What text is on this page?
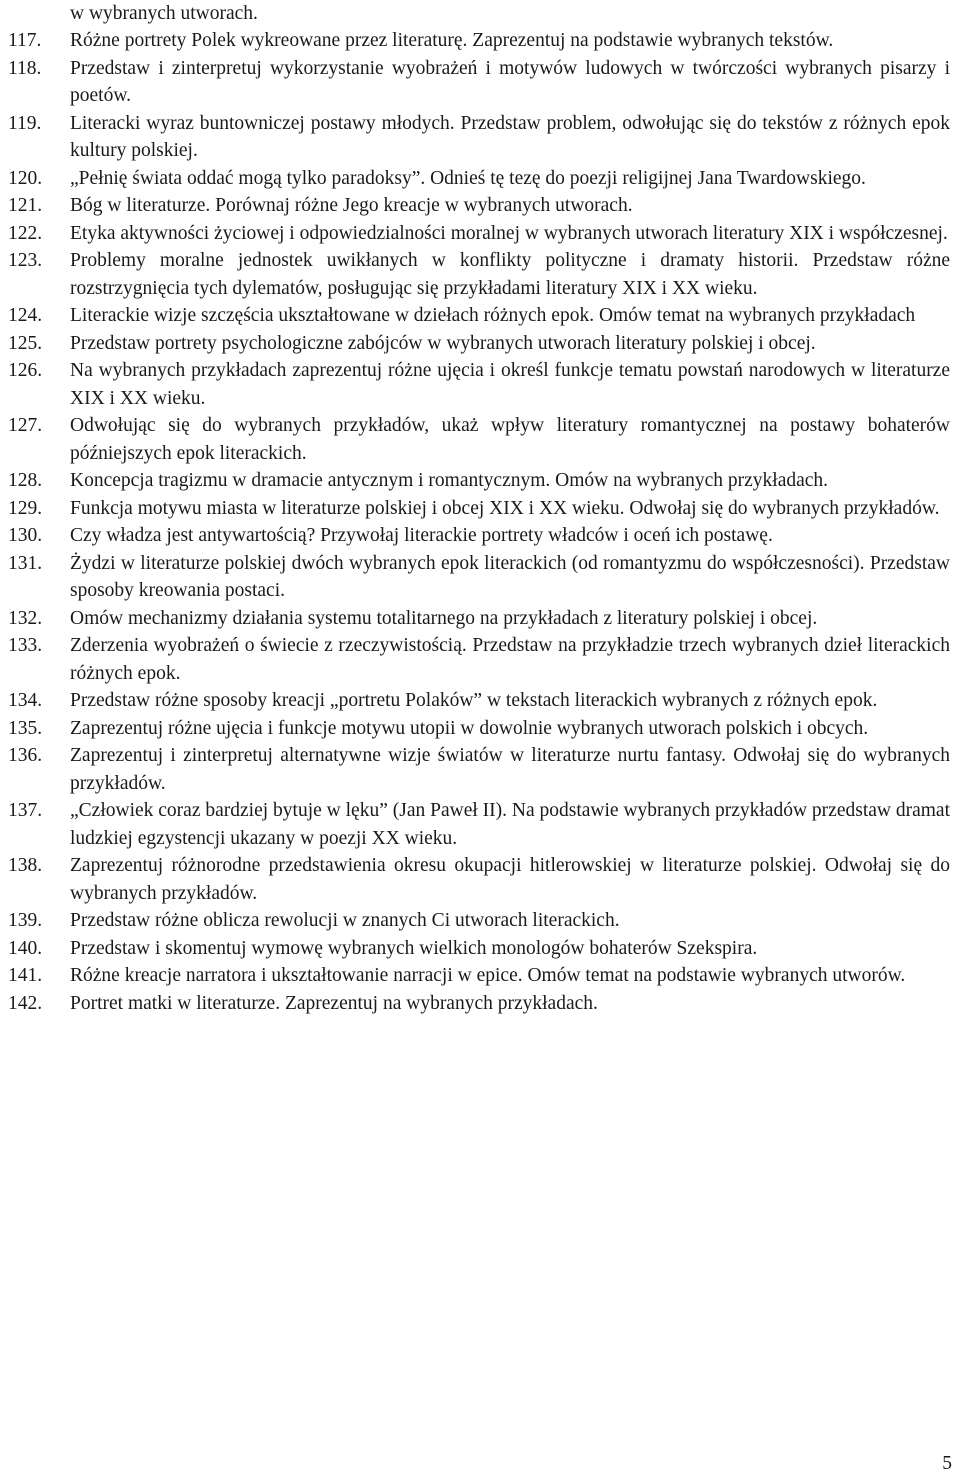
w wybranych utworach.
117.	Różne portrety Polek wykreowane przez literaturę. Zaprezentuj na podstawie wybranych tekstów.
118.	Przedstaw i zinterpretuj wykorzystanie wyobrażeń i motywów ludowych w twórczości wybranych pisarzy i poetów.
119.	Literacki wyraz buntowniczej postawy młodych. Przedstaw problem, odwołując się do tekstów z różnych epok kultury polskiej.
120.	„Pełnię świata oddać mogą tylko paradoksy”. Odnieś tę tezę do poezji religijnej Jana Twardowskiego.
121.	Bóg w literaturze. Porównaj różne Jego kreacje w wybranych utworach.
122.	Etyka aktywności życiowej i odpowiedzialności moralnej w wybranych utworach literatury XIX i współczesnej.
123.	Problemy moralne jednostek uwikłanych w konflikty polityczne i dramaty historii. Przedstaw różne rozstrzygnięcia tych dylematów, posługując się przykładami literatury XIX i XX wieku.
124.	Literackie wizje szczęścia ukształtowane w dziełach różnych epok. Omów temat na wybranych przykładach
125.	Przedstaw portrety psychologiczne zabójców w wybranych utworach literatury polskiej i obcej.
126.	Na wybranych przykładach zaprezentuj różne ujęcia i określ funkcje tematu powstań narodowych w literaturze XIX i XX wieku.
127.	Odwołując się do wybranych przykładów, ukaż wpływ literatury romantycznej na postawy bohaterów późniejszych epok literackich.
128.	Koncepcja tragizmu w dramacie antycznym i romantycznym. Omów na wybranych przykładach.
129.	Funkcja motywu miasta w literaturze polskiej i obcej XIX i XX wieku. Odwołaj się do wybranych przykładów.
130.	Czy władza jest antywartością? Przywołaj literackie portrety władców i oceń ich postawę.
131.	Żydzi w literaturze polskiej dwóch wybranych epok literackich (od romantyzmu do współczesności). Przedstaw sposoby kreowania postaci.
132.	Omów mechanizmy działania systemu totalitarnego na przykładach z literatury polskiej i obcej.
133.	Zderzenia wyobrażeń o świecie z rzeczywistością. Przedstaw na przykładzie trzech wybranych dzieł literackich różnych epok.
134.	Przedstaw różne sposoby kreacji „portretu Polaków” w tekstach literackich wybranych z różnych epok.
135.	Zaprezentuj różne ujęcia i funkcje motywu utopii w dowolnie wybranych utworach polskich i obcych.
136.	Zaprezentuj i zinterpretuj alternatywne wizje światów w literaturze nurtu fantasy. Odwołaj się do wybranych przykładów.
137.	„Człowiek coraz bardziej bytuje w lęku” (Jan Paweł II). Na podstawie wybranych przykładów przedstaw dramat ludzkiej egzystencji ukazany w poezji XX wieku.
138.	Zaprezentuj różnorodne przedstawienia okresu okupacji hitlerowskiej w literaturze polskiej. Odwołaj się do wybranych przykładów.
139.	Przedstaw różne oblicza rewolucji w znanych Ci utworach literackich.
140.	Przedstaw i skomentuj wymowę wybranych wielkich monologów bohaterów Szekspira.
141.	Różne kreacje narratora i ukształtowanie narracji w epice. Omów temat na podstawie wybranych utworów.
142.	Portret matki w literaturze. Zaprezentuj na wybranych przykładach.
5
